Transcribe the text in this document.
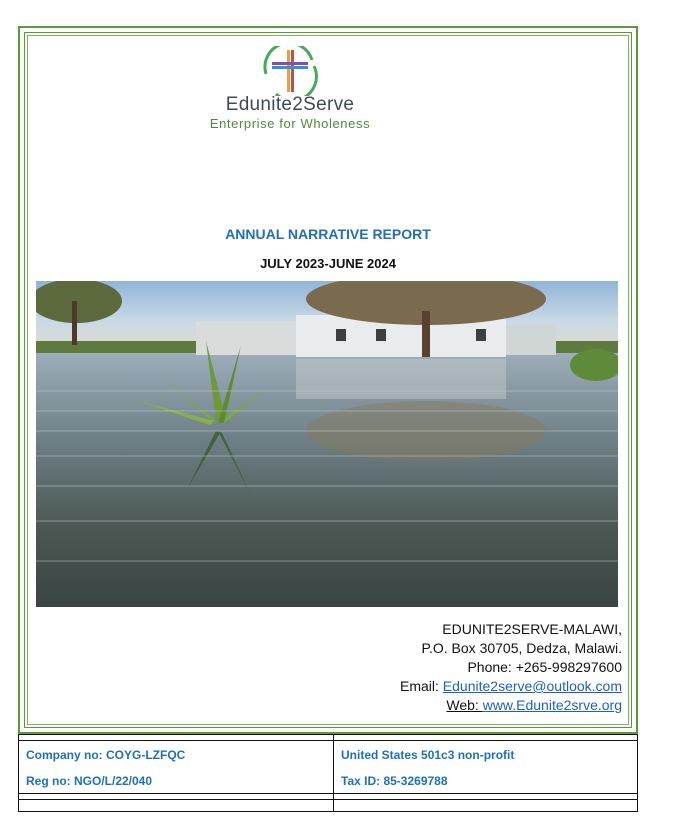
Edunite2Serve
Enterprise for Wholeness
ANNUAL NARRATIVE REPORT
JULY 2023-JUNE 2024
EDUNITE2SERVE-MALAWI,
P.O. Box 30705, Dedza, Malawi.
Phone: +265-998297600
Email: Edunite2serve@outlook.com
Web: www.Edunite2srve.org
Company no: COYG-LZFQC	United States 501c3 non-profit
Reg no: NGO/L/22/040	Tax ID: 85-3269788
